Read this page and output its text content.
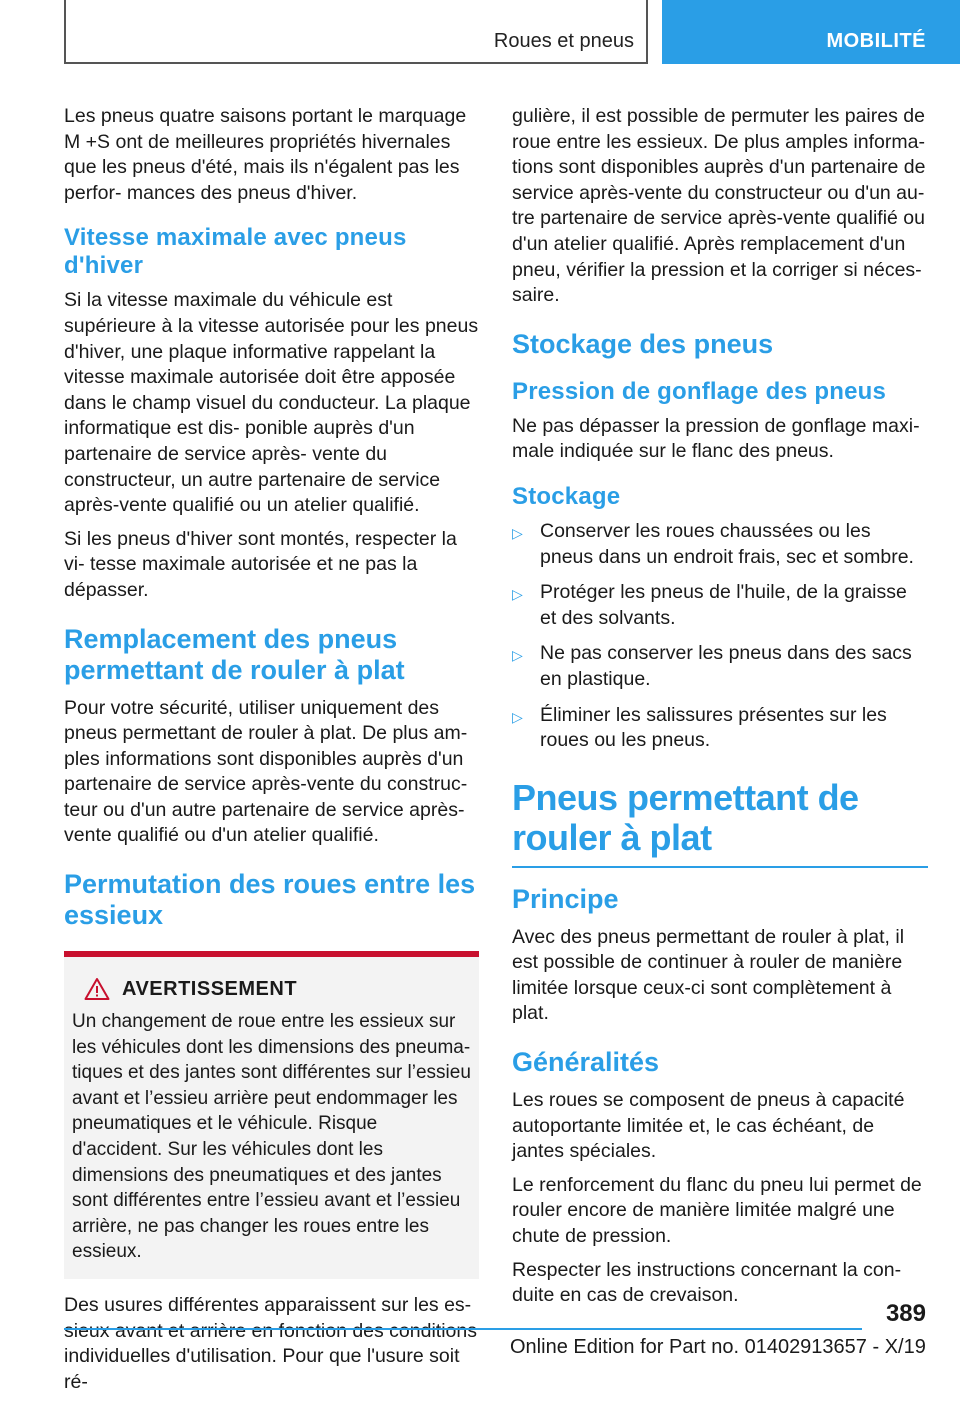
Roues et pneus	MOBILITÉ

Les pneus quatre saisons portant le marquage M +S ont de meilleures propriétés hivernales que les pneus d'été, mais ils n'égalent pas les perfor‐ mances des pneus d'hiver.

Vitesse maximale avec pneus d'hiver

Si la vitesse maximale du véhicule est supérieure à la vitesse autorisée pour les pneus d'hiver, une plaque informative rappelant la vitesse maximale autorisée doit être apposée dans le champ visuel du conducteur. La plaque informatique est dis‐ ponible auprès d'un partenaire de service après- vente du constructeur, un autre partenaire de service après-vente qualifié ou un atelier qualifié.

Si les pneus d'hiver sont montés, respecter la vi‐ tesse maximale autorisée et ne pas la dépasser.

Remplacement des pneus permettant de rouler à plat

Pour votre sécurité, utiliser uniquement des pneus permettant de rouler à plat. De plus am‐ ples informations sont disponibles auprès d'un partenaire de service après-vente du construc‐ teur ou d'un autre partenaire de service après- vente qualifié ou d'un atelier qualifié.

Permutation des roues entre les essieux
AVERTISSEMENT

Un changement de roue entre les essieux sur les véhicules dont les dimensions des pneuma‐ tiques et des jantes sont différentes sur l’essieu avant et l’essieu arrière peut endommager les pneumatiques et le véhicule. Risque d'accident. Sur les véhicules dont les dimensions des pneumatiques et des jantes sont différentes entre l’essieu avant et l’essieu arrière, ne pas changer les roues entre les essieux.

Des usures différentes apparaissent sur les es‐ sieux avant et arrière en fonction des conditions individuelles d'utilisation. Pour que l'usure soit ré‐

gulière, il est possible de permuter les paires de roue entre les essieux. De plus amples informa‐ tions sont disponibles auprès d'un partenaire de service après-vente du constructeur ou d'un au‐ tre partenaire de service après-vente qualifié ou d'un atelier qualifié. Après remplacement d'un pneu, vérifier la pression et la corriger si néces‐ saire.

Stockage des pneus
Pression de gonflage des pneus

Ne pas dépasser la pression de gonflage maxi‐ male indiquée sur le flanc des pneus.

Stockage
▷ Conserver les roues chaussées ou les pneus dans un endroit frais, sec et sombre.
▷ Protéger les pneus de l'huile, de la graisse et des solvants.
▷ Ne pas conserver les pneus dans des sacs en plastique.
▷ Éliminer les salissures présentes sur les roues ou les pneus.
Pneus permettant de rouler à plat
Principe

Avec des pneus permettant de rouler à plat, il est possible de continuer à rouler de manière limitée lorsque ceux-ci sont complètement à plat.

Généralités

Les roues se composent de pneus à capacité autoportante limitée et, le cas échéant, de jantes spéciales.

Le renforcement du flanc du pneu lui permet de rouler encore de manière limitée malgré une chute de pression.

Respecter les instructions concernant la con‐ duite en cas de crevaison.

389
Online Edition for Part no. 01402913657 - X/19
